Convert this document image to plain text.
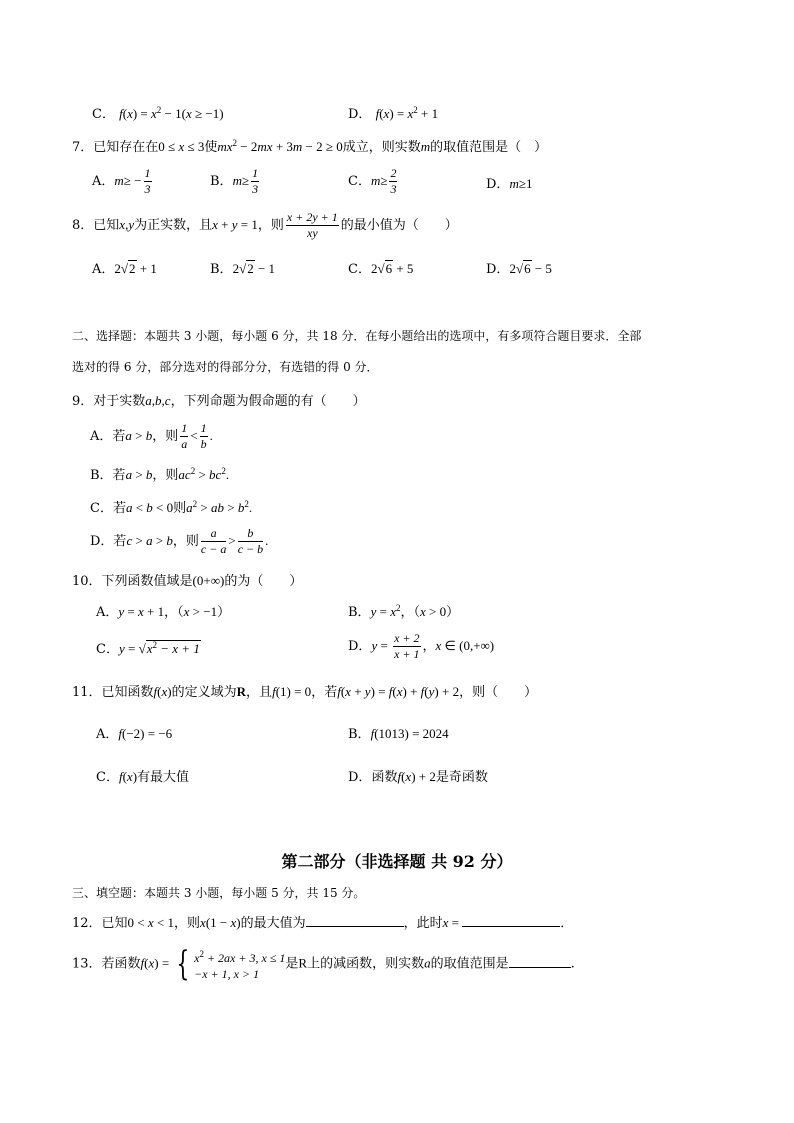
C． $f(x) = x^2 - 1(x \ge -1)$	D． $f(x) = x^2 + 1$
7．已知存在在0 ≤ x ≤ 3使$mx^2 - 2mx + 3m - 2 \ge 0$成立，则实数m的取值范围是（　）
A．$m\ge - \frac{1}{3}$	B．$m\ge \frac{1}{3}$	C．$m\ge \frac{2}{3}$	D．m≥1
8．已知x,y为正实数，且x + y = 1，则 $\frac{x + 2y + 1}{xy}$ 的最小值为（　　）
A．2√2 + 1	B．2√2 − 1	C．2√6 + 5	D．2√6 − 5
二、选择题：本题共 3 小题，每小题 6 分，共 18 分．在每小题给出的选项中，有多项符合题目要求．全部
选对的得 6 分，部分选对的得部分分，有选错的得 0 分．
9．对于实数a,b,c，下列命题为假命题的有（　　）
A．若a > b，则 $\frac{1}{a} < \frac{1}{b}$ .
B．若a > b，则$ac^2 > bc^2$.
C．若a < b < 0则$a^2$ > ab > $b^2$.
D．若c > a > b，则 $\frac{a}{c - a} > \frac{b}{c - b}$ .
10．下列函数值域是(0+∞)的为（　　）
A．y = x + 1，（x > −1）	B．$y = x^2$，（x > 0）
C．$y = √x^2 - x + 1$	D．$y = \frac{x + 2}{x + 1}$ ，x ∈ (0,+∞)
11．已知函数f(x)的定义域为R，且f(1) = 0，若f(x + y) = f(x) + f(y) + 2，则（　　）
A．f(−2) = −6	B．f(1013) = 2024
C．f(x)有最大值	D．函数f(x) + 2是奇函数
第二部分（非选择题 共 92 分）
三、填空题：本题共 3 小题，每小题 5 分，共 15 分。
12．已知0 < x < 1，则x(1 − x)的最大值为	，此时x =	．
13．若函数f(x) = { $x^2 + 2ax + 3$, x ≤ 1
−x + 1, x > 1
是R上的减函数，则实数a的取值范围是	.
